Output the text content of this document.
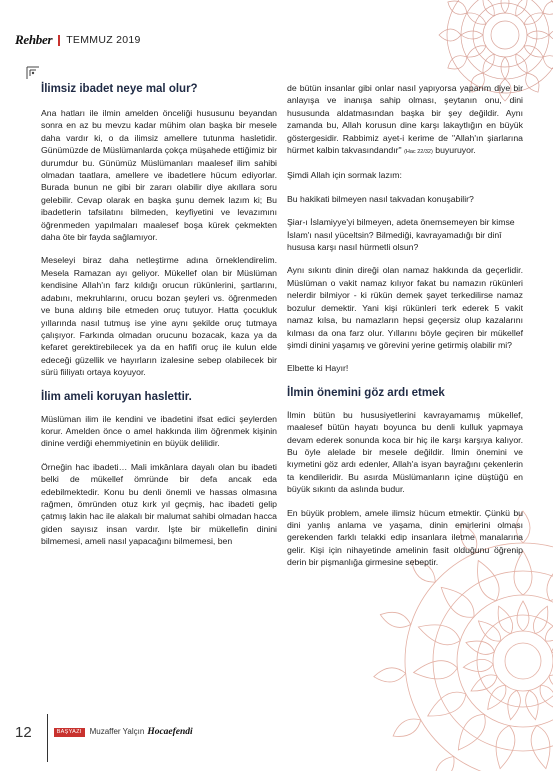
Rehber TEMMUZ 2019
İlimsiz ibadet neye mal olur?

Ana hatları ile ilmin amelden önceliği hususunu beyandan sonra en az bu mevzu kadar mühim olan başka bir mesele daha vardır ki, o da ilimsiz amellere tutunma hasletidir. Günümüzde de Müslümanlarda çokça müşahede ettiğimiz bir durumdur bu. Günümüz Müslümanları maalesef ilim sahibi olmadan taatlara, amellere ve ibadetlere hücum ediyorlar. Burada bunun ne gibi bir zararı olabilir diye akıllara soru gelebilir. Cevap olarak en başka şunu demek lazım ki; Bu ibadetlerin tafsilatını bilmeden, keyfiyetini ve levazımını öğrenmeden yapılmaları maalesef boşa kürek çekmekten daha öte bir fayda sağlamıyor.

Meseleyi biraz daha netleştirme adına örneklendirelim. Mesela Ramazan ayı geliyor. Mükellef olan bir Müslüman kendisine Allah'ın farz kıldığı orucun rükünlerini, şartlarını, adabını, mekruhlarını, orucu bozan şeyleri vs. öğrenmeden ve buna aldırış bile etmeden oruç tutuyor. Hatta çocukluk yıllarında nasıl tutmuş ise yine aynı şekilde oruç tutmaya çalışıyor. Farkında olmadan orucunu bozacak, kaza ya da kefaret gerektirebilecek ya da en hafifi oruç ile kulun elde edeceği güzellik ve hayırların izalesine sebep olabilecek bir sürü fiiliyatı ortaya koyuyor.

İlim ameli koruyan haslettir.

Müslüman ilim ile kendini ve ibadetini ifsat edici şeylerden korur. Amelden önce o amel hakkında ilim öğrenmek kişinin dinine verdiği ehemmiyetinin en büyük delilidir.

Örneğin hac ibadeti… Mali imkânlara dayalı olan bu ibadeti belki de mükellef ömründe bir defa ancak eda edebilmektedir. Konu bu denli önemli ve hassas olmasına rağmen, ömründen otuz kırk yıl geçmiş, hac ibadeti gelip çatmış lakin hac ile alakalı bir malumat sahibi olmadan hacca giden sayısız insan vardır. İşte bir mükellefin dinini bilmemesi, ameli nasıl yapacağını bilmemesi, ben

de bütün insanlar gibi onlar nasıl yapıyorsa yaparım diye bir anlayışa ve inanışa sahip olması, şeytanın onu, dini hususunda aldatmasından başka bir şey değildir. Aynı zamanda bu, Allah korusun dine karşı lakaytlığın en büyük göstergesidir. Rabbimiz ayet-i kerime de "Allah'ın şiarlarına hürmet kalbin takvasındandır" (Hac 22/32) buyuruyor.

Şimdi Allah için sormak lazım:

Bu hakikati bilmeyen nasıl takvadan konuşabilir?

Şiar-ı İslamiyye'yi bilmeyen, adeta önemsemeyen bir kimse İslam'ı nasıl yüceltsin? Bilmediği, kavrayamadığı bir dinî hususa karşı nasıl hürmetli olsun?

Aynı sıkıntı dinin direği olan namaz hakkında da geçerlidir. Müslüman o vakit namaz kılıyor fakat bu namazın rükünleri nelerdir bilmiyor - ki rükün demek şayet terkedilirse namaz bozulur demektir. Yani kişi rükünleri terk ederek 5 vakit namaz kılsa, bu namazların hepsi geçersiz olup kazalarını kılması da ona farz olur. Yıllarını böyle geçiren bir mükellef şimdi dinini yaşamış ve görevini yerine getirmiş olabilir mi?

Elbette ki Hayır!

İlmin önemini göz ardı etmek

İlmin bütün bu hususiyetlerini kavrayamamış mükellef, maalesef bütün hayatı boyunca bu denli kulluk yapmaya devam ederek sonunda koca bir hiç ile karşı karşıya kalıyor. Bu öyle alelade bir mesele değildir. İlmin önemini ve kıymetini göz ardı edenler, Allah'a isyan bayrağını çekenlerin ta kendileridir. Bu asırda Müslümanların içine düştüğü en büyük sıkıntı da aslında budur.

En büyük problem, amele ilimsiz hücum etmektir. Çünkü bu dini yanlış anlama ve yaşama, dinin emirlerini olması gerekenden farklı telakki edip insanlara iletme manalarına gelir. Kişi için nihayetinde amelinin fasit olduğunu öğrenip derin bir pişmanlığa girmesine sebeptir.

12	BAŞYAZI	Muzaffer Yalçın Hocaefendi
